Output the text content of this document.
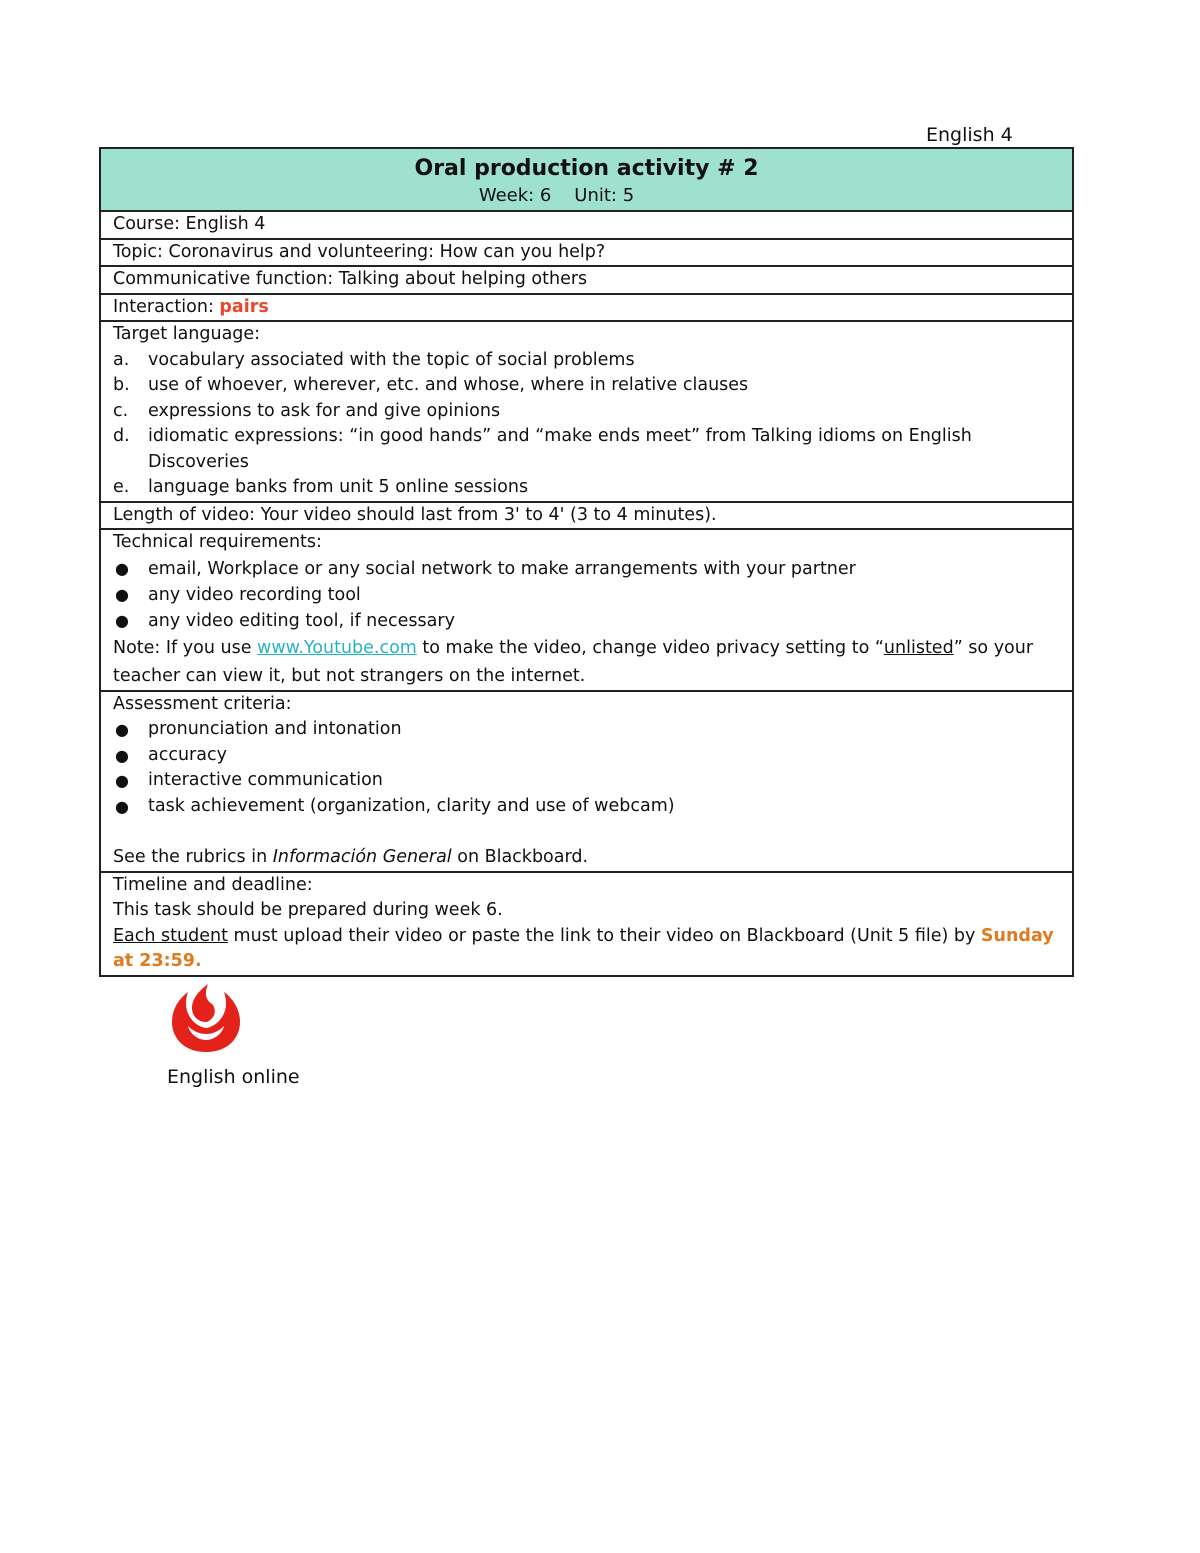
English 4
Oral production activity # 2
Week: 6 Unit: 5
Course: English 4
Topic: Coronavirus and volunteering: How can you help?
Communicative function: Talking about helping others
Interaction: pairs
Target language:
a. vocabulary associated with the topic of social problems
b. use of whoever, wherever, etc. and whose, where in relative clauses
c. expressions to ask for and give opinions
d. idiomatic expressions: “in good hands” and “make ends meet” from Talking idioms on English Discoveries
e. language banks from unit 5 online sessions
Length of video: Your video should last from 3' to 4' (3 to 4 minutes).
Technical requirements:
● email, Workplace or any social network to make arrangements with your partner
● any video recording tool
● any video editing tool, if necessary
Note: If you use www.Youtube.com to make the video, change video privacy setting to “unlisted” so your teacher can view it, but not strangers on the internet.
Assessment criteria:
● pronunciation and intonation
● accuracy
● interactive communication
● task achievement (organization, clarity and use of webcam)
See the rubrics in Información General on Blackboard.
Timeline and deadline:
This task should be prepared during week 6.
Each student must upload their video or paste the link to their video on Blackboard (Unit 5 file) by Sunday at 23:59.
English online
